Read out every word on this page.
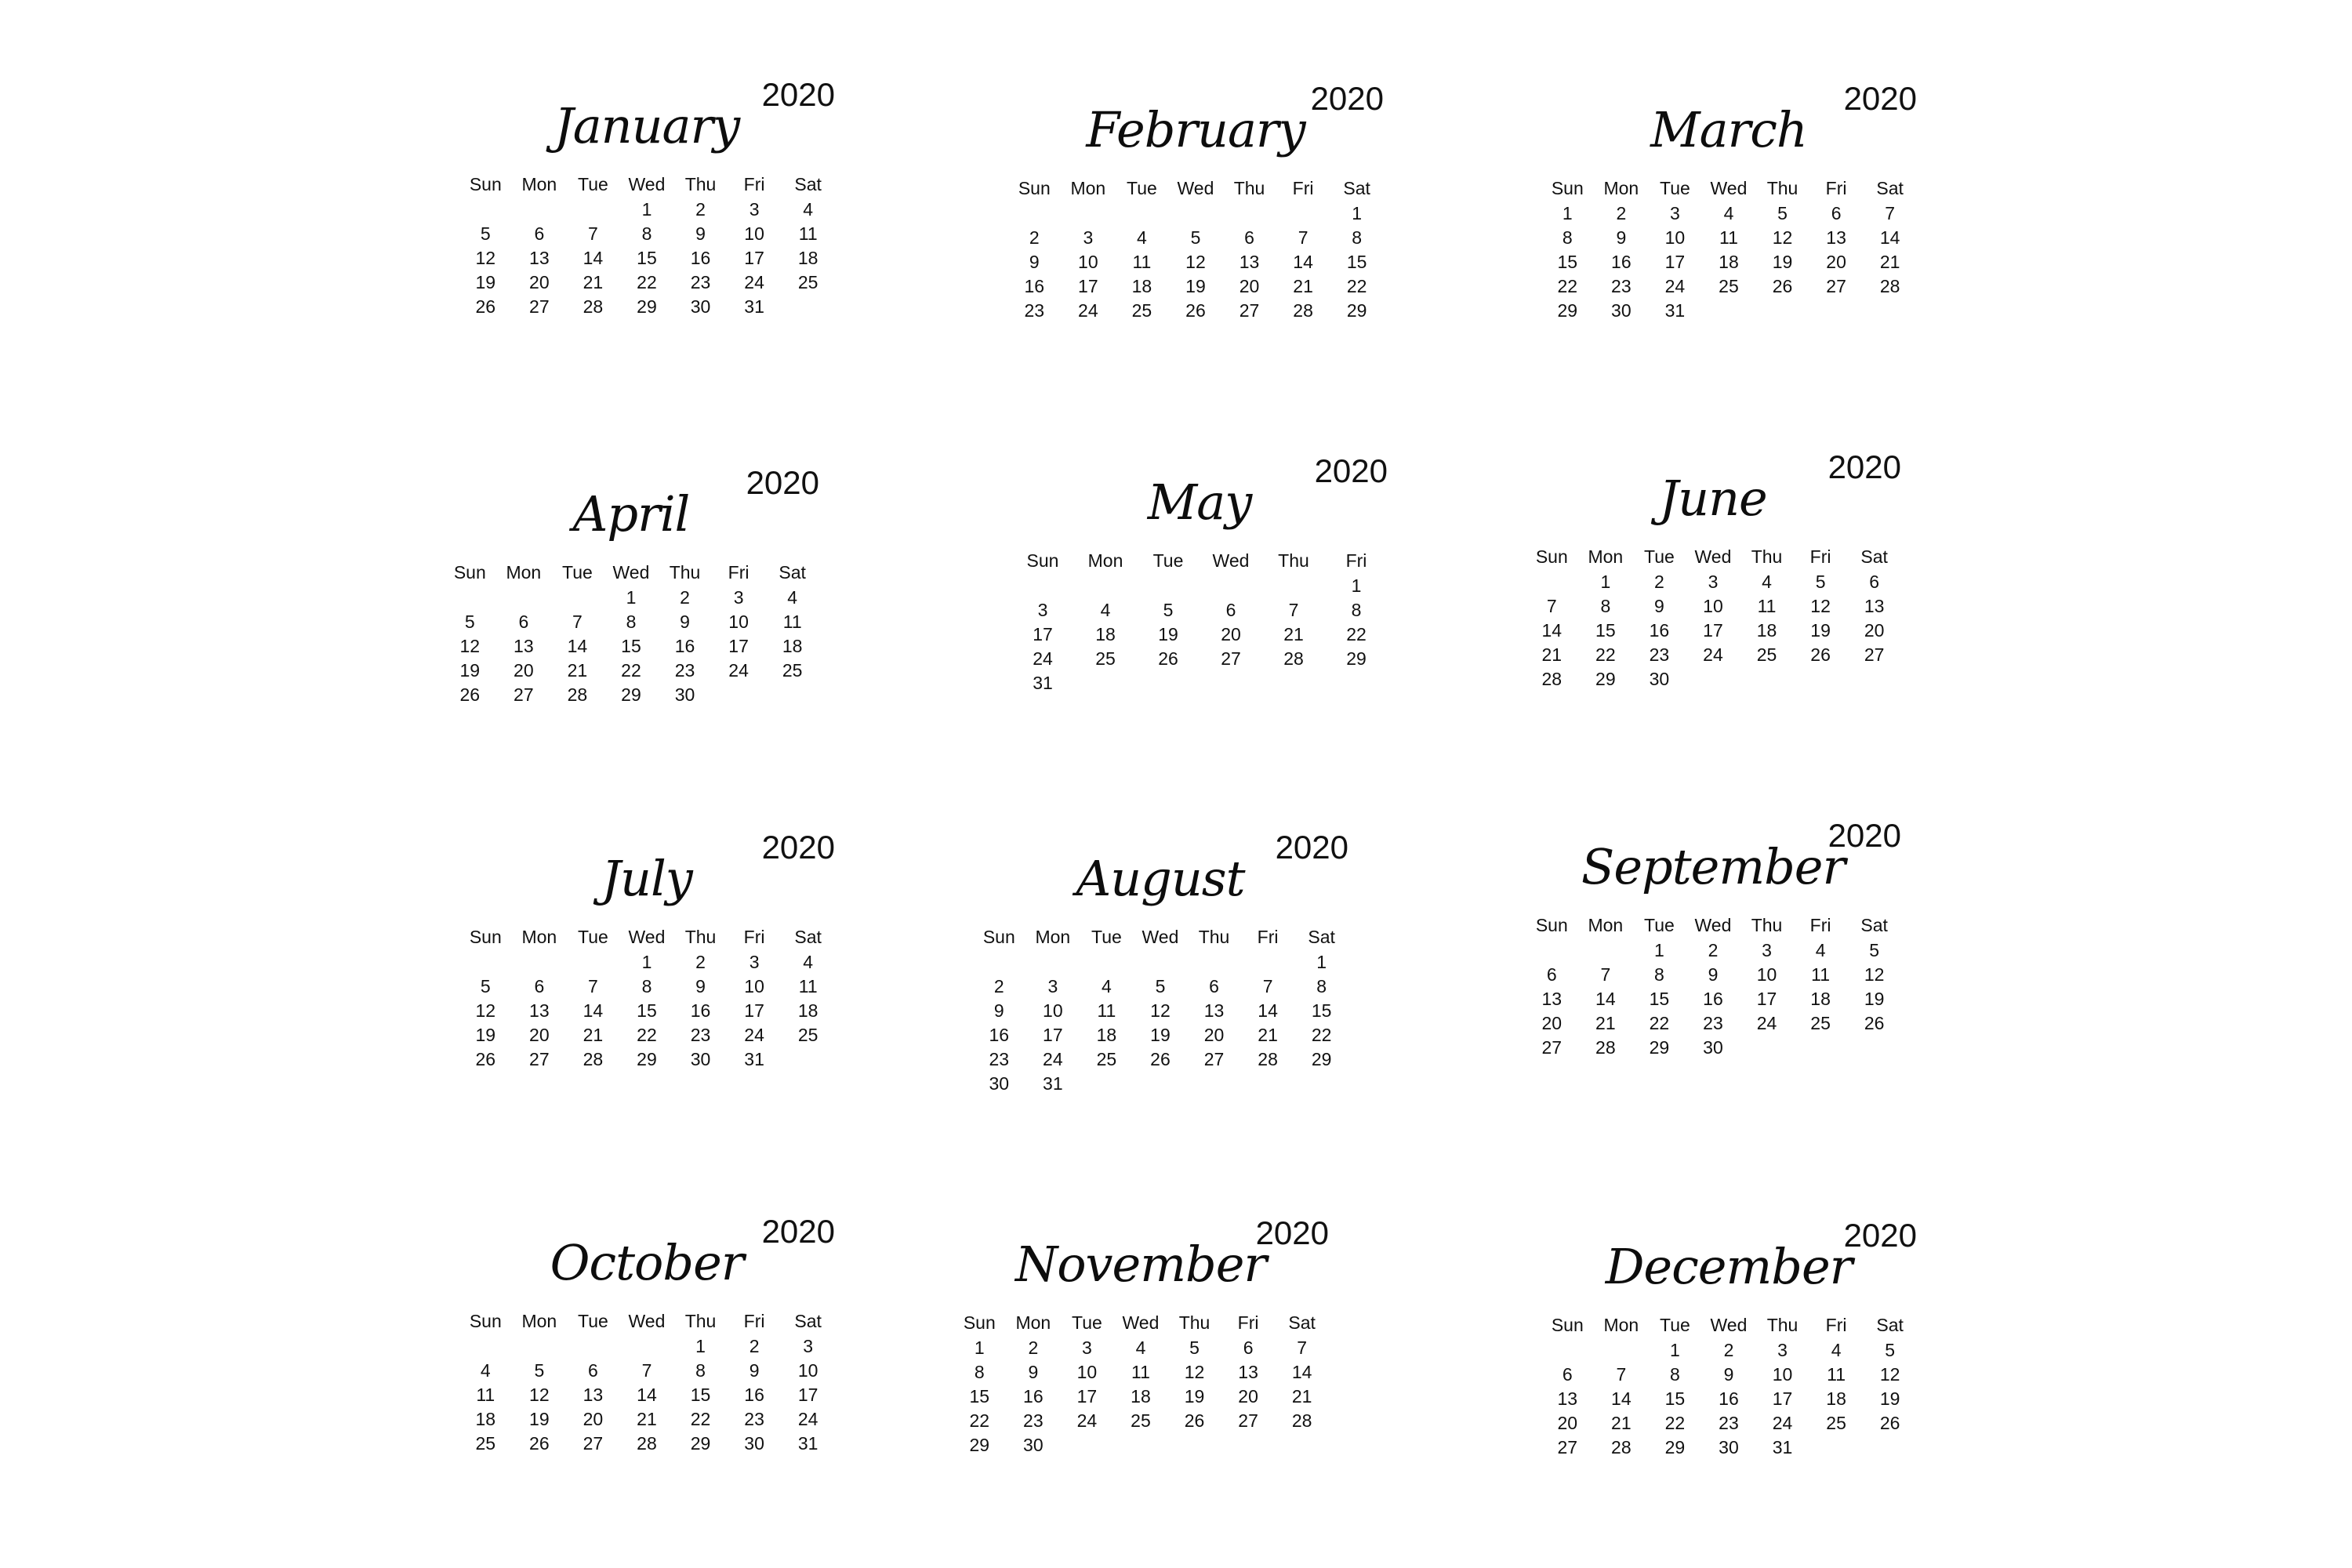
January
2020
Sun	Mon	Tue	Wed	Thu	Fri	Sat
			1	2	3	4
5	6	7	8	9	10	11
12	13	14	15	16	17	18
19	20	21	22	23	24	25
26	27	28	29	30	31	
February
2020
Sun	Mon	Tue	Wed	Thu	Fri	Sat
						1
2	3	4	5	6	7	8
9	10	11	12	13	14	15
16	17	18	19	20	21	22
23	24	25	26	27	28	29
March
2020
Sun	Mon	Tue	Wed	Thu	Fri	Sat
1	2	3	4	5	6	7
8	9	10	11	12	13	14
15	16	17	18	19	20	21
22	23	24	25	26	27	28
29	30	31				
April
2020
Sun	Mon	Tue	Wed	Thu	Fri	Sat
			1	2	3	4
5	6	7	8	9	10	11
12	13	14	15	16	17	18
19	20	21	22	23	24	25
26	27	28	29	30		
May
2020
Sun	Mon	Tue	Wed	Thu	Fri
					1
3	4	5	6	7	8
17	18	19	20	21	22
24	25	26	27	28	29
31					
June
2020
Sun	Mon	Tue	Wed	Thu	Fri	Sat
	1	2	3	4	5	6
7	8	9	10	11	12	13
14	15	16	17	18	19	20
21	22	23	24	25	26	27
28	29	30				
July
2020
Sun	Mon	Tue	Wed	Thu	Fri	Sat
			1	2	3	4
5	6	7	8	9	10	11
12	13	14	15	16	17	18
19	20	21	22	23	24	25
26	27	28	29	30	31	
August
2020
Sun	Mon	Tue	Wed	Thu	Fri	Sat
						1
2	3	4	5	6	7	8
9	10	11	12	13	14	15
16	17	18	19	20	21	22
23	24	25	26	27	28	29
30	31					
September
2020
Sun	Mon	Tue	Wed	Thu	Fri	Sat
		1	2	3	4	5
6	7	8	9	10	11	12
13	14	15	16	17	18	19
20	21	22	23	24	25	26
27	28	29	30			
October
2020
Sun	Mon	Tue	Wed	Thu	Fri	Sat
				1	2	3
4	5	6	7	8	9	10
11	12	13	14	15	16	17
18	19	20	21	22	23	24
25	26	27	28	29	30	31
November
2020
Sun	Mon	Tue	Wed	Thu	Fri	Sat
1	2	3	4	5	6	7
8	9	10	11	12	13	14
15	16	17	18	19	20	21
22	23	24	25	26	27	28
29	30					
December
2020
Sun	Mon	Tue	Wed	Thu	Fri	Sat
		1	2	3	4	5
6	7	8	9	10	11	12
13	14	15	16	17	18	19
20	21	22	23	24	25	26
27	28	29	30	31		
